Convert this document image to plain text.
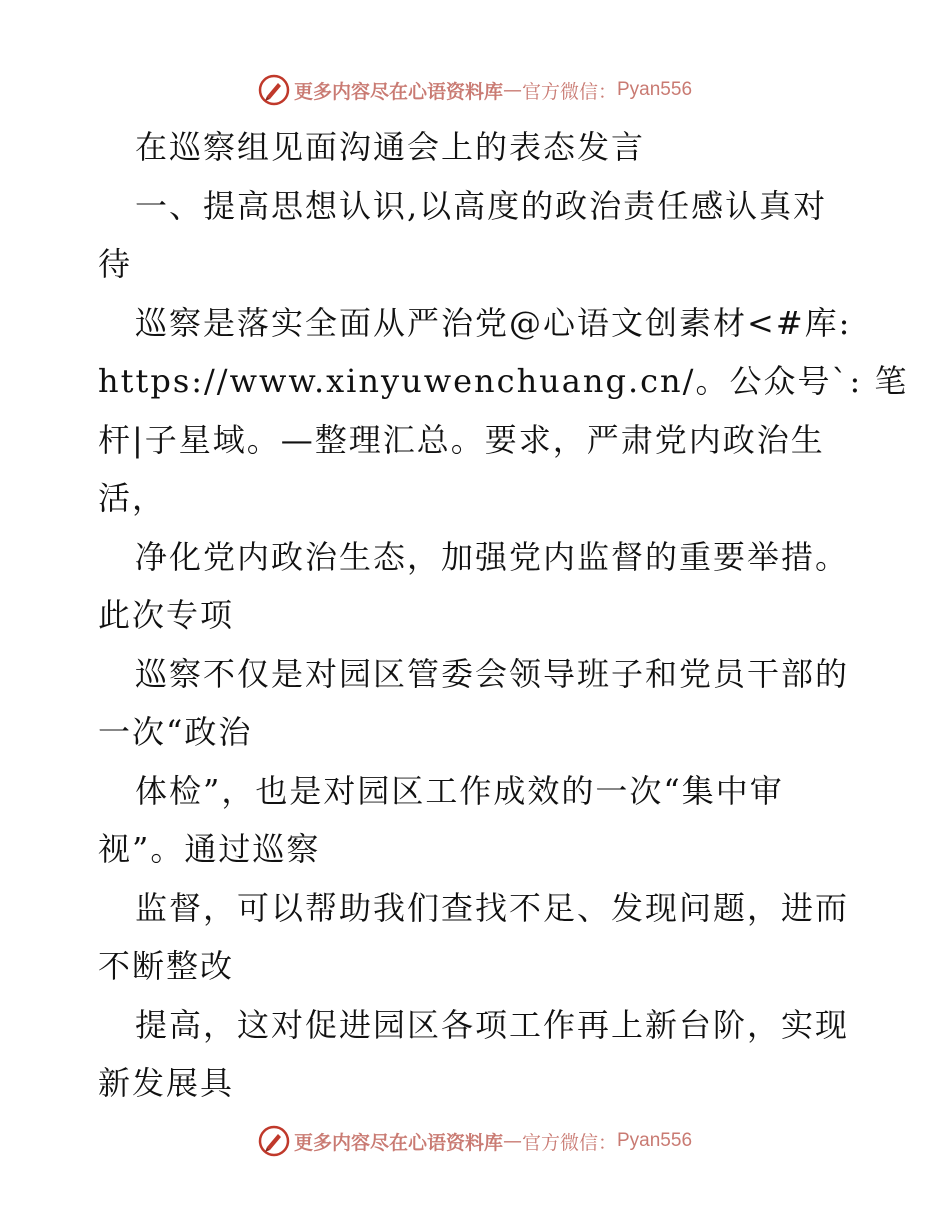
更多内容尽在心语资料库 — 官方微信： Pyan556
在巡察组见面沟通会上的表态发言
一、提高思想认识,以高度的政治责任感认真对
待
巡察是落实全面从严治党@心语文创素材<#库:
https://www.xinyuwenchuang.cn/。公众号`: 笔
杆|子星域。—整理汇总。要求，严肃党内政治生
活，
净化党内政治生态，加强党内监督的重要举措。
此次专项
巡察不仅是对园区管委会领导班子和党员干部的
一次“政治
体检”，也是对园区工作成效的一次“集中审
视”。通过巡察
监督，可以帮助我们查找不足、发现问题，进而
不断整改
提高，这对促进园区各项工作再上新台阶，实现
新发展具
更多内容尽在心语资料库 — 官方微信： Pyan556
